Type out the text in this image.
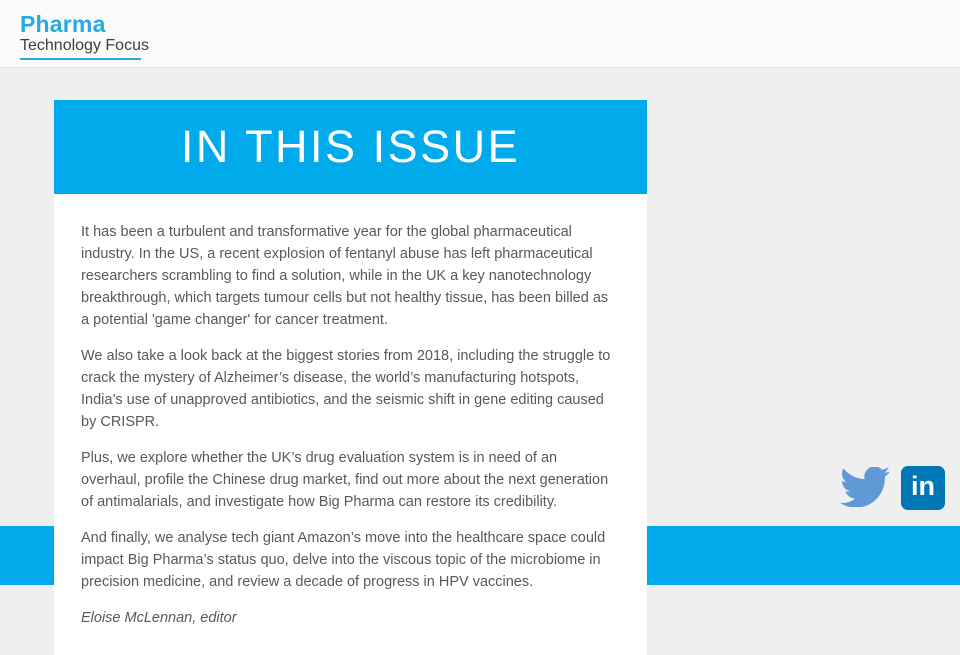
Pharma
Technology Focus
in
IN THIS ISSUE

It has been a turbulent and transformative year for the global pharmaceutical industry. In the US, a recent explosion of fentanyl abuse has left pharmaceutical researchers scrambling to find a solution, while in the UK a key nanotechnology breakthrough, which targets tumour cells but not healthy tissue, has been billed as a potential 'game changer' for cancer treatment.

We also take a look back at the biggest stories from 2018, including the struggle to crack the mystery of Alzheimer’s disease, the world’s manufacturing hotspots, India’s use of unapproved antibiotics, and the seismic shift in gene editing caused by CRISPR.

Plus, we explore whether the UK’s drug evaluation system is in need of an overhaul, profile the Chinese drug market, find out more about the next generation of antimalarials, and investigate how Big Pharma can restore its credibility.

And finally, we analyse tech giant Amazon’s move into the healthcare space could impact Big Pharma’s status quo, delve into the viscous topic of the microbiome in precision medicine, and review a decade of progress in HPV vaccines.

Eloise McLennan, editor
